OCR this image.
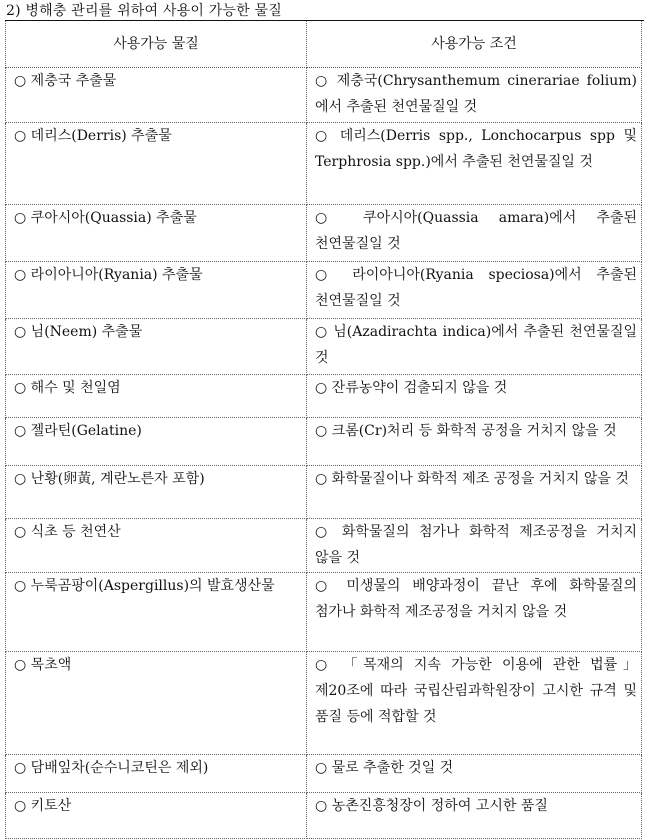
2) 병해충 관리를 위하여 사용이 가능한 물질
사용가능 물질	사용가능 조건
○ 제충국 추출물	○ 제충국(Chrysanthemum cinerariae folium)에서 추출된 천연물질일 것
○ 데리스(Derris) 추출물	○ 데리스(Derris spp., Lonchocarpus spp 및 Terphrosia spp.)에서 추출된 천연물질일 것
○ 쿠아시아(Quassia) 추출물	○ 쿠아시아(Quassia amara)에서 추출된 천연물질일 것
○ 라이아니아(Ryania) 추출물	○ 라이아니아(Ryania speciosa)에서 추출된 천연물질일 것
○ 님(Neem) 추출물	○ 님(Azadirachta indica)에서 추출된 천연물질일 것
○ 해수 및 천일염	○ 잔류농약이 검출되지 않을 것
○ 젤라틴(Gelatine)	○ 크롬(Cr)처리 등 화학적 공정을 거치지 않을 것
○ 난황(卵黃, 계란노른자 포함)	○ 화학물질이나 화학적 제조 공정을 거치지 않을 것
○ 식초 등 천연산	○ 화학물질의 첨가나 화학적 제조공정을 거치지 않을 것
○ 누룩곰팡이(Aspergillus)의 발효생산물	○ 미생물의 배양과정이 끝난 후에 화학물질의 첨가나 화학적 제조공정을 거치지 않을 것
○ 목초액	○ 「목재의 지속 가능한 이용에 관한 법률」 제20조에 따라 국립산림과학원장이 고시한 규격 및 품질 등에 적합할 것
○ 담배잎차(순수니코틴은 제외)	○ 물로 추출한 것일 것
○ 키토산	○ 농촌진흥청장이 정하여 고시한 품질
